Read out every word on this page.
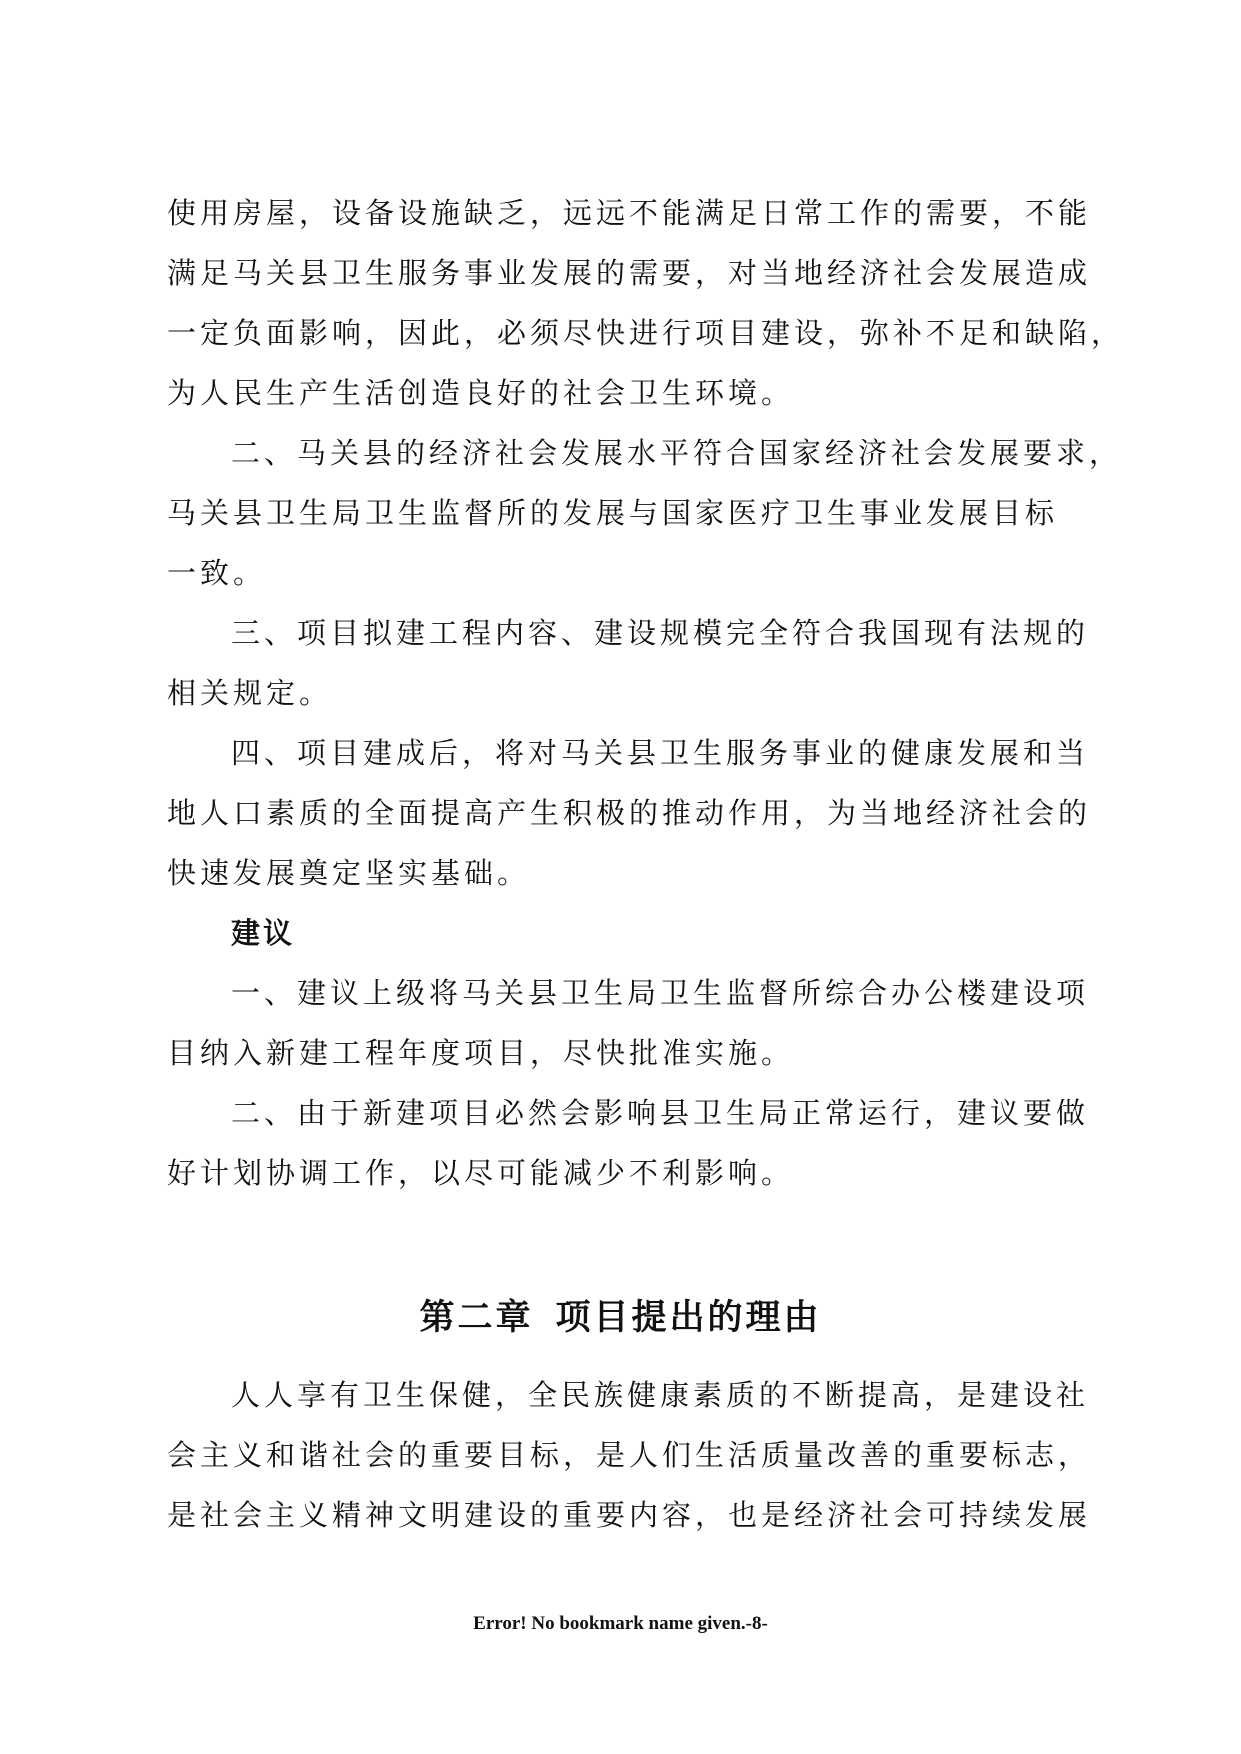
使用房屋，设备设施缺乏，远远不能满足日常工作的需要，不能
满足马关县卫生服务事业发展的需要，对当地经济社会发展造成
一定负面影响，因此，必须尽快进行项目建设，弥补不足和缺陷，
为人民生产生活创造良好的社会卫生环境。
二、马关县的经济社会发展水平符合国家经济社会发展要求，
马关县卫生局卫生监督所的发展与国家医疗卫生事业发展目标
一致。
三、项目拟建工程内容、建设规模完全符合我国现有法规的
相关规定。
四、项目建成后，将对马关县卫生服务事业的健康发展和当
地人口素质的全面提高产生积极的推动作用，为当地经济社会的
快速发展奠定坚实基础。
建议
一、建议上级将马关县卫生局卫生监督所综合办公楼建设项
目纳入新建工程年度项目，尽快批准实施。
二、由于新建项目必然会影响县卫生局正常运行，建议要做
好计划协调工作，以尽可能减少不利影响。
第二章 项目提出的理由
人人享有卫生保健，全民族健康素质的不断提高，是建设社
会主义和谐社会的重要目标，是人们生活质量改善的重要标志，
是社会主义精神文明建设的重要内容，也是经济社会可持续发展
Error! No bookmark name given.-8-
